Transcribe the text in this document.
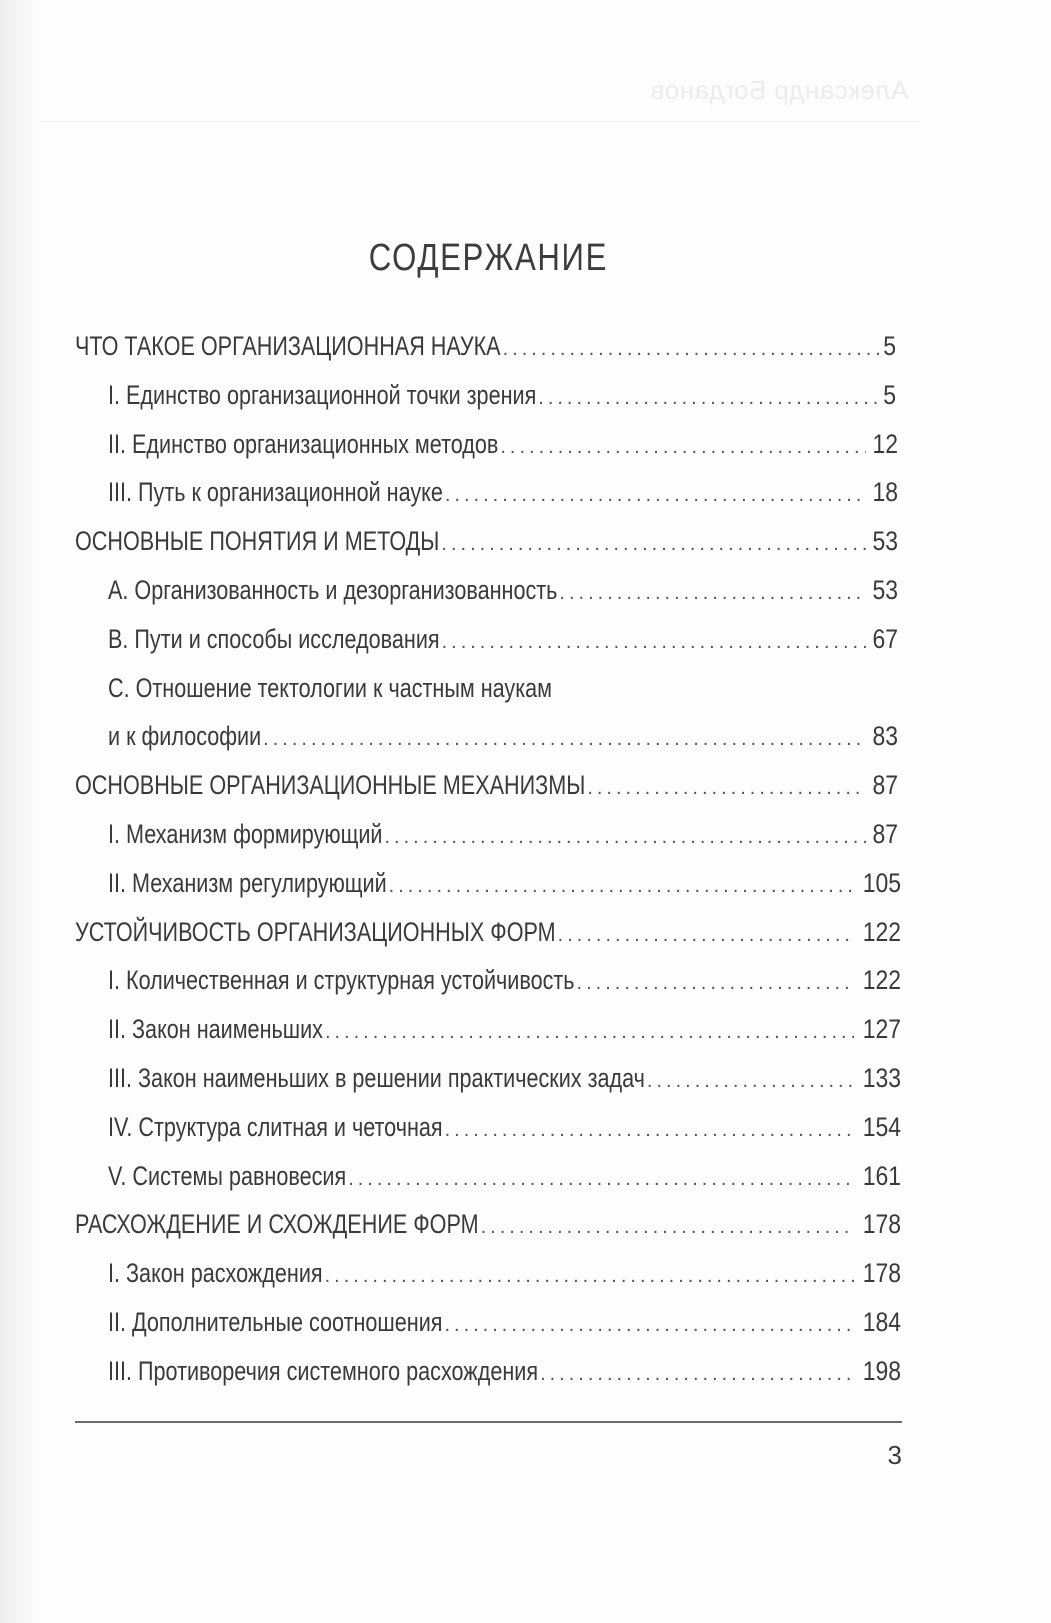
Александр Богданов
СОДЕРЖАНИЕ
ЧТО ТАКОЕ ОРГАНИЗАЦИОННАЯ НАУКА .....	5
I. Единство организационной точки зрения .....	5
II. Единство организационных методов .....	12
III. Путь к организационной науке .....	18
ОСНОВНЫЕ ПОНЯТИЯ И МЕТОДЫ .....	53
A. Организованность и дезорганизованность .....	53
B. Пути и способы исследования .....	67
C. Отношение тектологии к частным наукам
и к философии .....	83
ОСНОВНЫЕ ОРГАНИЗАЦИОННЫЕ МЕХАНИЗМЫ .....	87
I. Механизм формирующий .....	87
II. Механизм регулирующий .....	105
УСТОЙЧИВОСТЬ ОРГАНИЗАЦИОННЫХ ФОРМ .....	122
I. Количественная и структурная устойчивость .....	122
II. Закон наименьших .....	127
III. Закон наименьших в решении практических задач .....	133
IV. Структура слитная и четочная .....	154
V. Системы равновесия .....	161
РАСХОЖДЕНИЕ И СХОЖДЕНИЕ ФОРМ .....	178
I. Закон расхождения .....	178
II. Дополнительные соотношения .....	184
III. Противоречия системного расхождения .....	198
3
